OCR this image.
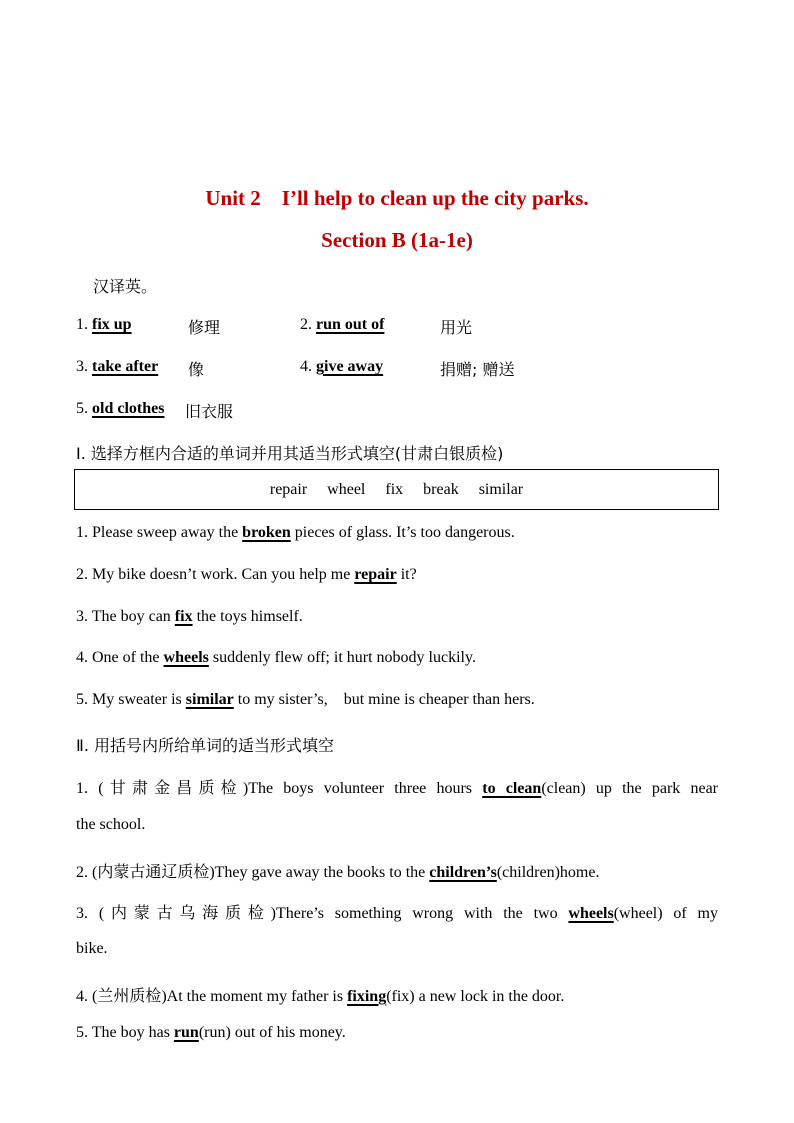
Unit 2    I’ll help to clean up the city parks.
Section B (1a-1e)
汉译英。
1. fix up	修理	2. run out of	用光
3. take after 像	4. give away	捐赠; 赠送
5. old clothes 旧衣服
Ⅰ. 选择方框内合适的单词并用其适当形式填空(甘肃白银质检)
repair wheel fix break similar
1. Please sweep away the broken pieces of glass. It’s too dangerous.
2. My bike doesn’t work. Can you help me repair it?
3. The boy can fix the toys himself.
4. One of the wheels suddenly flew off; it hurt nobody luckily.
5. My sweater is similar to my sister’s,    but mine is cheaper than hers.
Ⅱ. 用括号内所给单词的适当形式填空
1. (甘肃金昌质检)The boys volunteer three hours to clean(clean) up the park near
the school.
2. (内蒙古通辽质检)They gave away the books to the children’s(children)home.
3. (内蒙古乌海质检)There’s something wrong with the two wheels(wheel) of my
bike.
4. (兰州质检)At the moment my father is fixing(fix) a new lock in the door.
5. The boy has run(run) out of his money.
